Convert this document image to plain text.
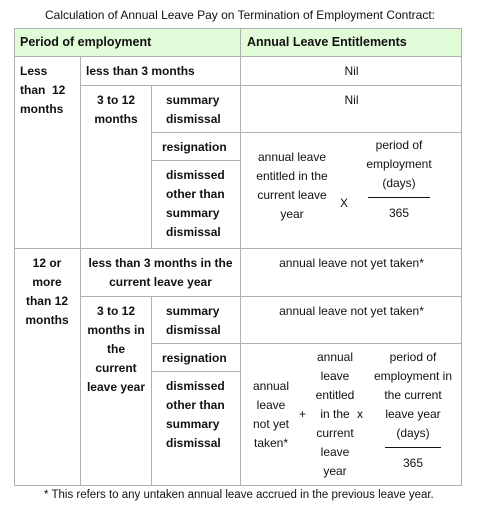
Calculation of Annual Leave Pay on Termination of Employment Contract:
Period of employment	Annual Leave Entitlements
Less
than  12
months
less than 3 months	Nil
3 to 12
months
summary
dismissal
Nil
resignation
dismissed
other than
summary
dismissal
annual leave
entitled in the
current leave
year
X
period of
employment
(days)
365
12 or
more
than 12
months
less than 3 months in the
current leave year
annual leave not yet taken*
3 to 12
months in
the
current
leave year
summary
dismissal
annual leave not yet taken*
resignation
dismissed
other than
summary
dismissal
annual
leave
not yet
taken*
+
annual
leave
entitled
in the
current
leave
year
x
period of
employment in
the current
leave year
(days)
365
* This refers to any untaken annual leave accrued in the previous leave year.
